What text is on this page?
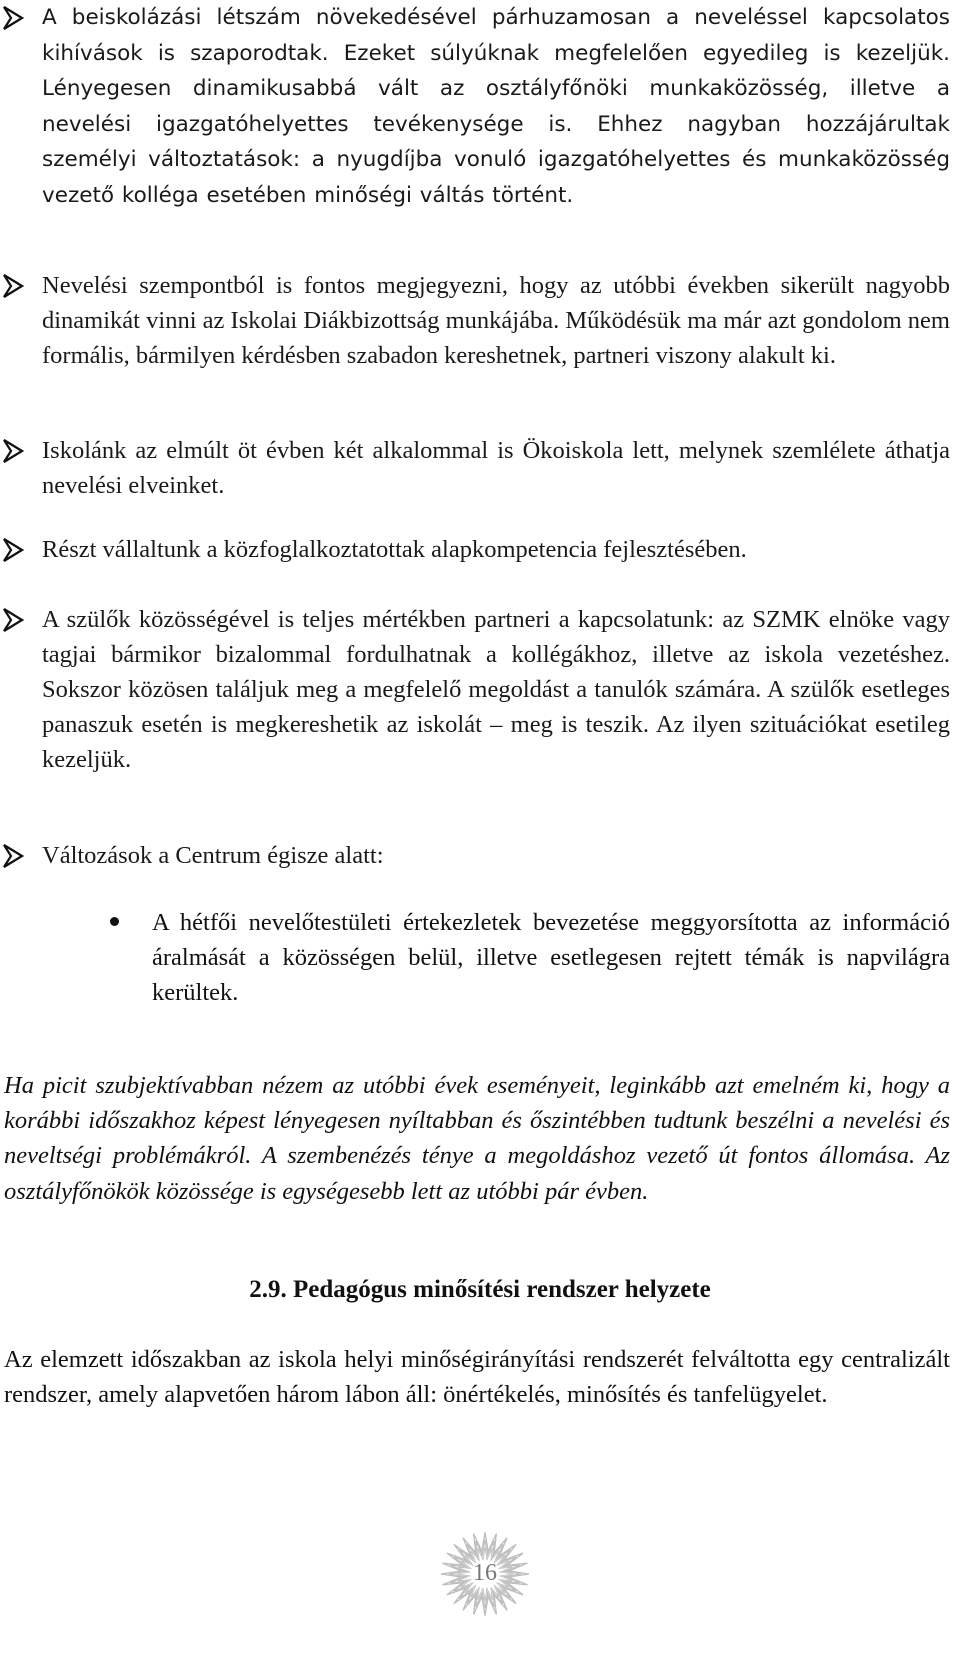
A beiskolázási létszám növekedésével párhuzamosan a neveléssel kapcsolatos kihívások is szaporodtak. Ezeket súlyúknak megfelelően egyedileg is kezeljük. Lényegesen dinamikusabbá vált az osztályfőnöki munkaközösség, illetve a nevelési igazgatóhelyettes tevékenysége is. Ehhez nagyban hozzájárultak személyi változtatások: a nyugdíjba vonuló igazgatóhelyettes és munkaközösség vezető kolléga esetében minőségi váltás történt.
Nevelési szempontból is fontos megjegyezni, hogy az utóbbi években sikerült nagyobb dinamikát vinni az Iskolai Diákbizottság munkájába. Működésük ma már azt gondolom nem formális, bármilyen kérdésben szabadon kereshetnek, partneri viszony alakult ki.
Iskolánk az elmúlt öt évben két alkalommal is Ökoiskola lett, melynek szemlélete áthatja nevelési elveinket.
Részt vállaltunk a közfoglalkoztatottak alapkompetencia fejlesztésében.
A szülők közösségével is teljes mértékben partneri a kapcsolatunk: az SZMK elnöke vagy tagjai bármikor bizalommal fordulhatnak a kollégákhoz, illetve az iskola vezetéshez. Sokszor közösen találjuk meg a megfelelő megoldást a tanulók számára. A szülők esetleges panaszuk esetén is megkereshetik az iskolát – meg is teszik. Az ilyen szituációkat esetileg kezeljük.
Változások a Centrum égisze alatt:
A hétfői nevelőtestületi értekezletek bevezetése meggyorsította az információ áralmását a közösségen belül, illetve esetlegesen rejtett témák is napvilágra kerültek.
Ha picit szubjektívabban nézem az utóbbi évek eseményeit, leginkább azt emelném ki, hogy a korábbi időszakhoz képest lényegesen nyíltabban és őszintébben tudtunk beszélni a nevelési és neveltségi problémákról. A szembenézés ténye a megoldáshoz vezető út fontos állomása. Az osztályfőnökök közössége is egységesebb lett az utóbbi pár évben.
2.9. Pedagógus minősítési rendszer helyzete
Az elemzett időszakban az iskola helyi minőségirányítási rendszerét felváltotta egy centralizált rendszer, amely alapvetően három lábon áll: önértékelés, minősítés és tanfelügyelet.
16
